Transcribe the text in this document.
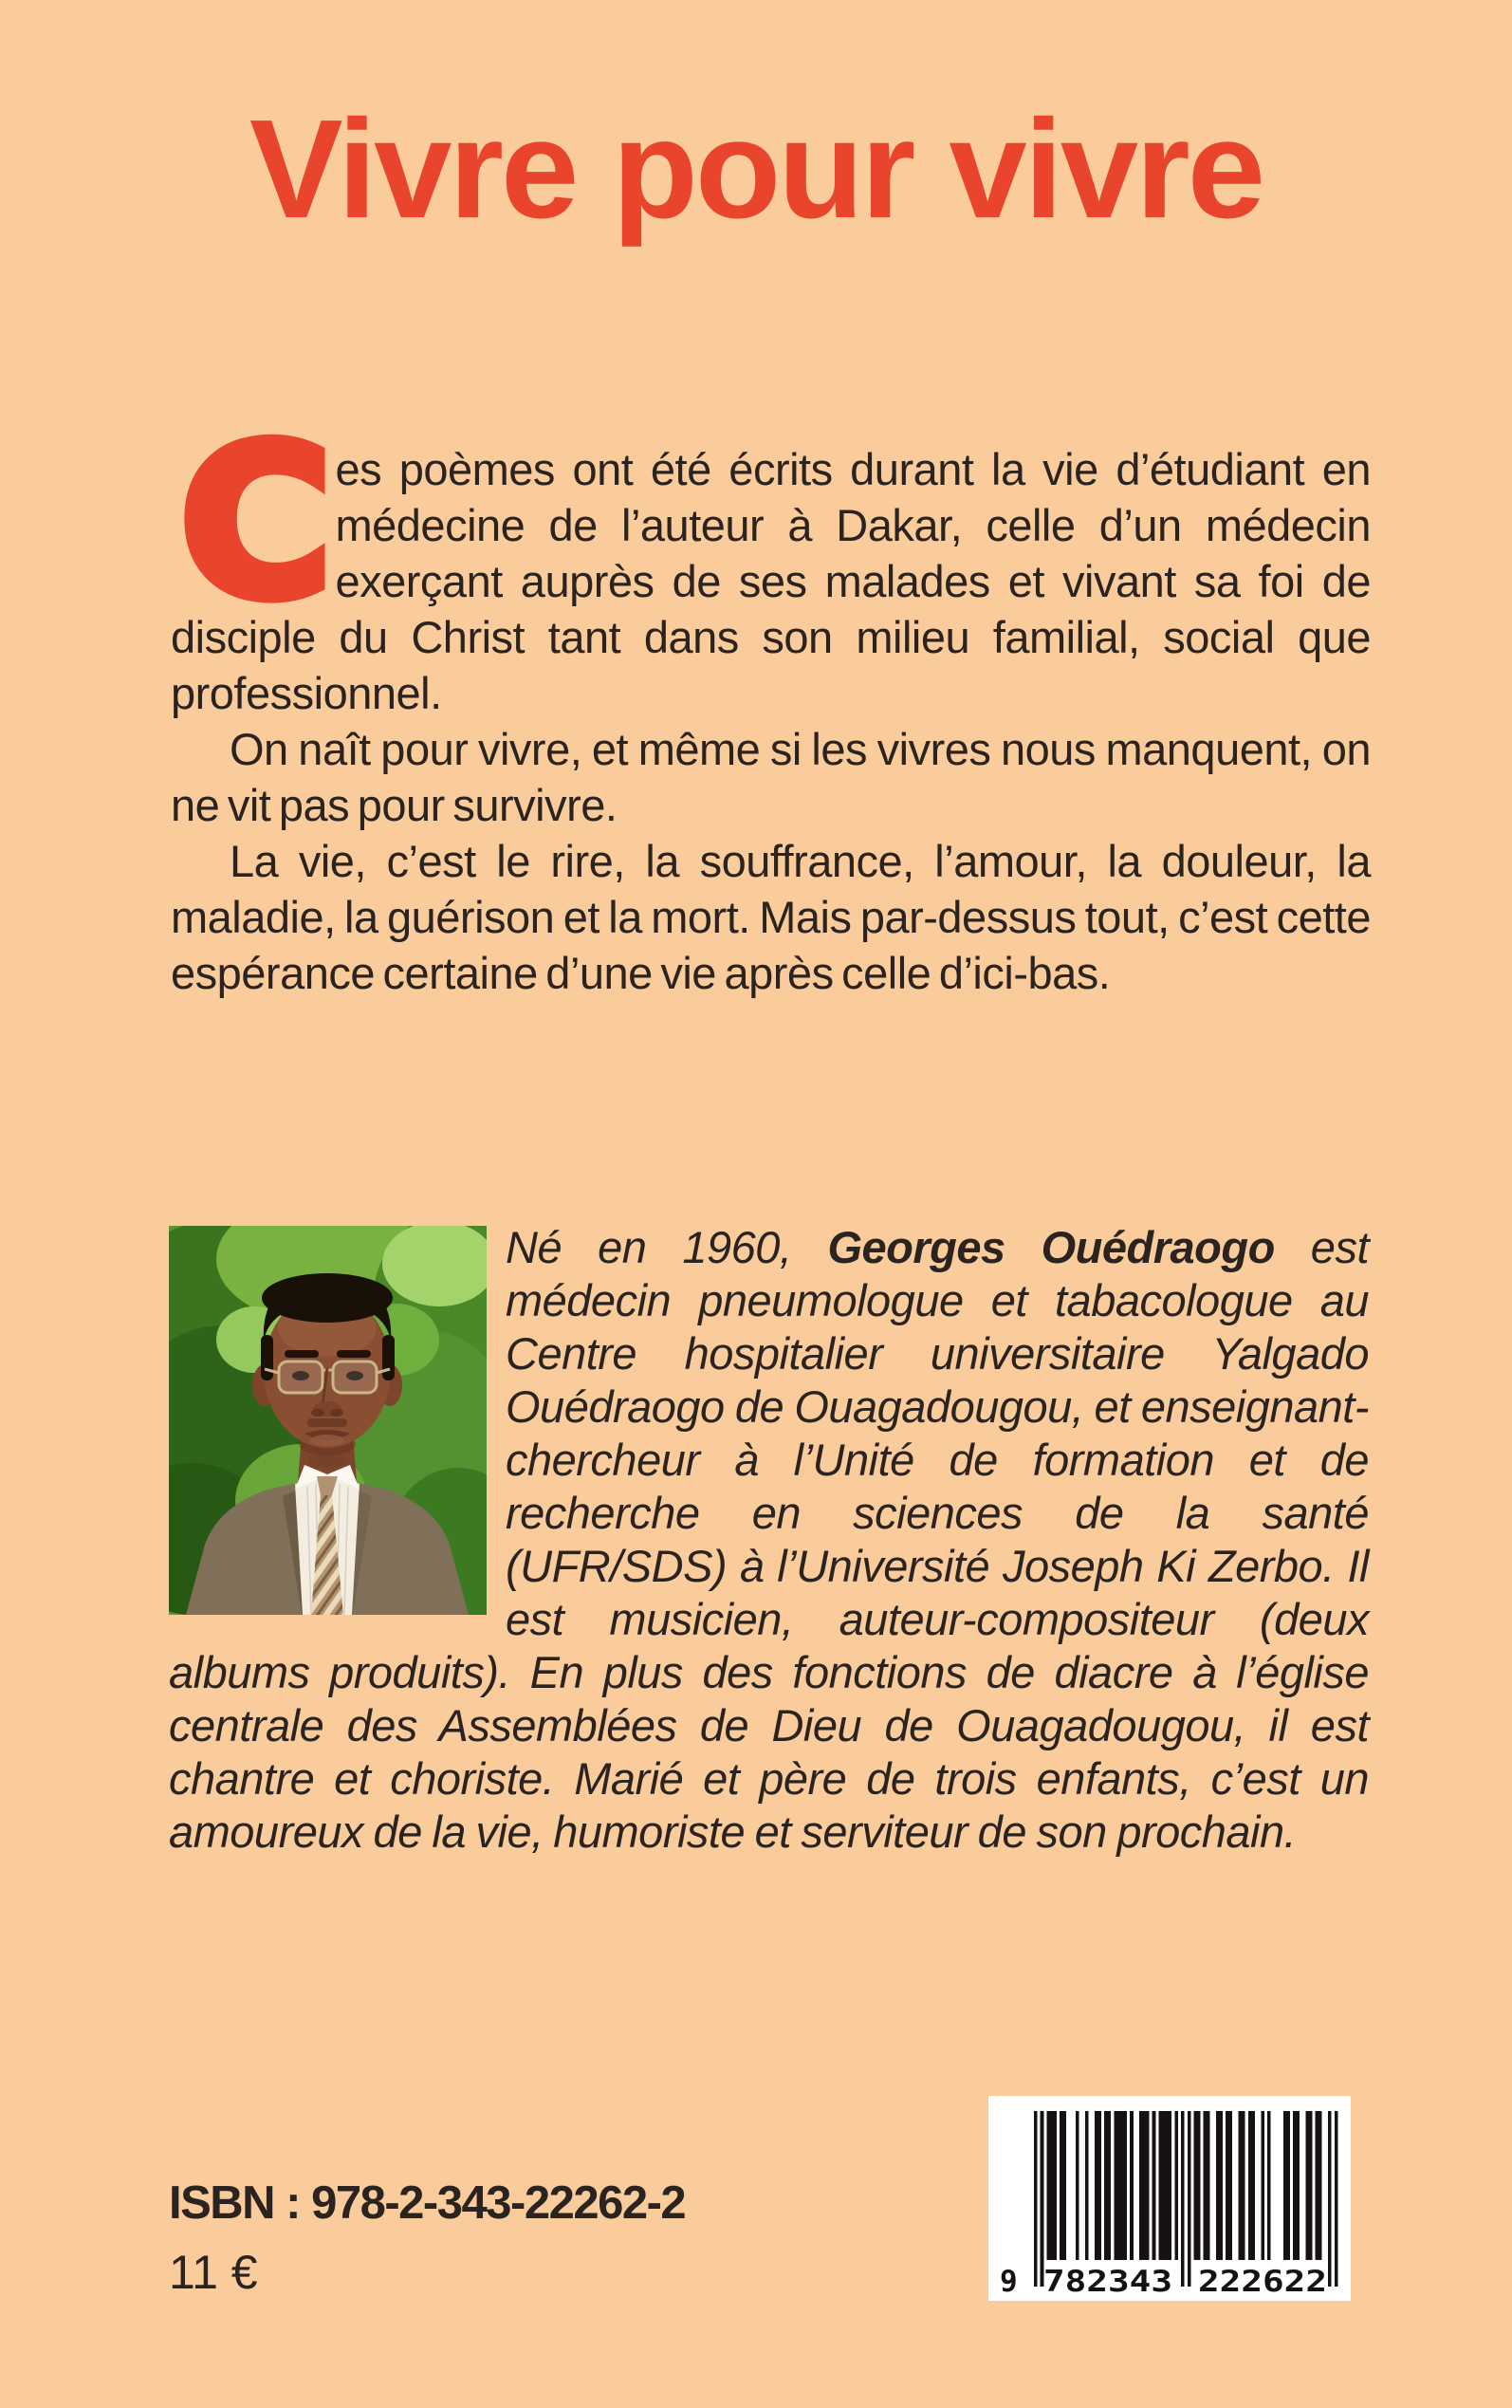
Vivre pour vivre

Ces poèmes ont été écrits durant la vie d’étudiant en médecine de l’auteur à Dakar, celle d’un médecin exerçant auprès de ses malades et vivant sa foi de disciple du Christ tant dans son milieu familial, social que professionnel.

On naît pour vivre, et même si les vivres nous manquent, on ne vit pas pour survivre.

La vie, c’est le rire, la souffrance, l’amour, la douleur, la maladie, la guérison et la mort. Mais par-dessus tout, c’est cette espérance certaine d’une vie après celle d’ici-bas.

Né en 1960, Georges Ouédraogo est médecin pneumologue et tabacologue au Centre hospitalier universitaire Yalgado Ouédraogo de Ouagadougou, et enseignant-chercheur à l’Unité de formation et de recherche en sciences de la santé (UFR/SDS) à l’Université Joseph Ki Zerbo. Il est musicien, auteur-compositeur (deux albums produits). En plus des fonctions de diacre à l’église centrale des Assemblées de Dieu de Ouagadougou, il est chantre et choriste. Marié et père de trois enfants, c’est un amoureux de la vie, humoriste et serviteur de son prochain.

ISBN : 978-2-343-22262-2
11 €	9 782343 222622
